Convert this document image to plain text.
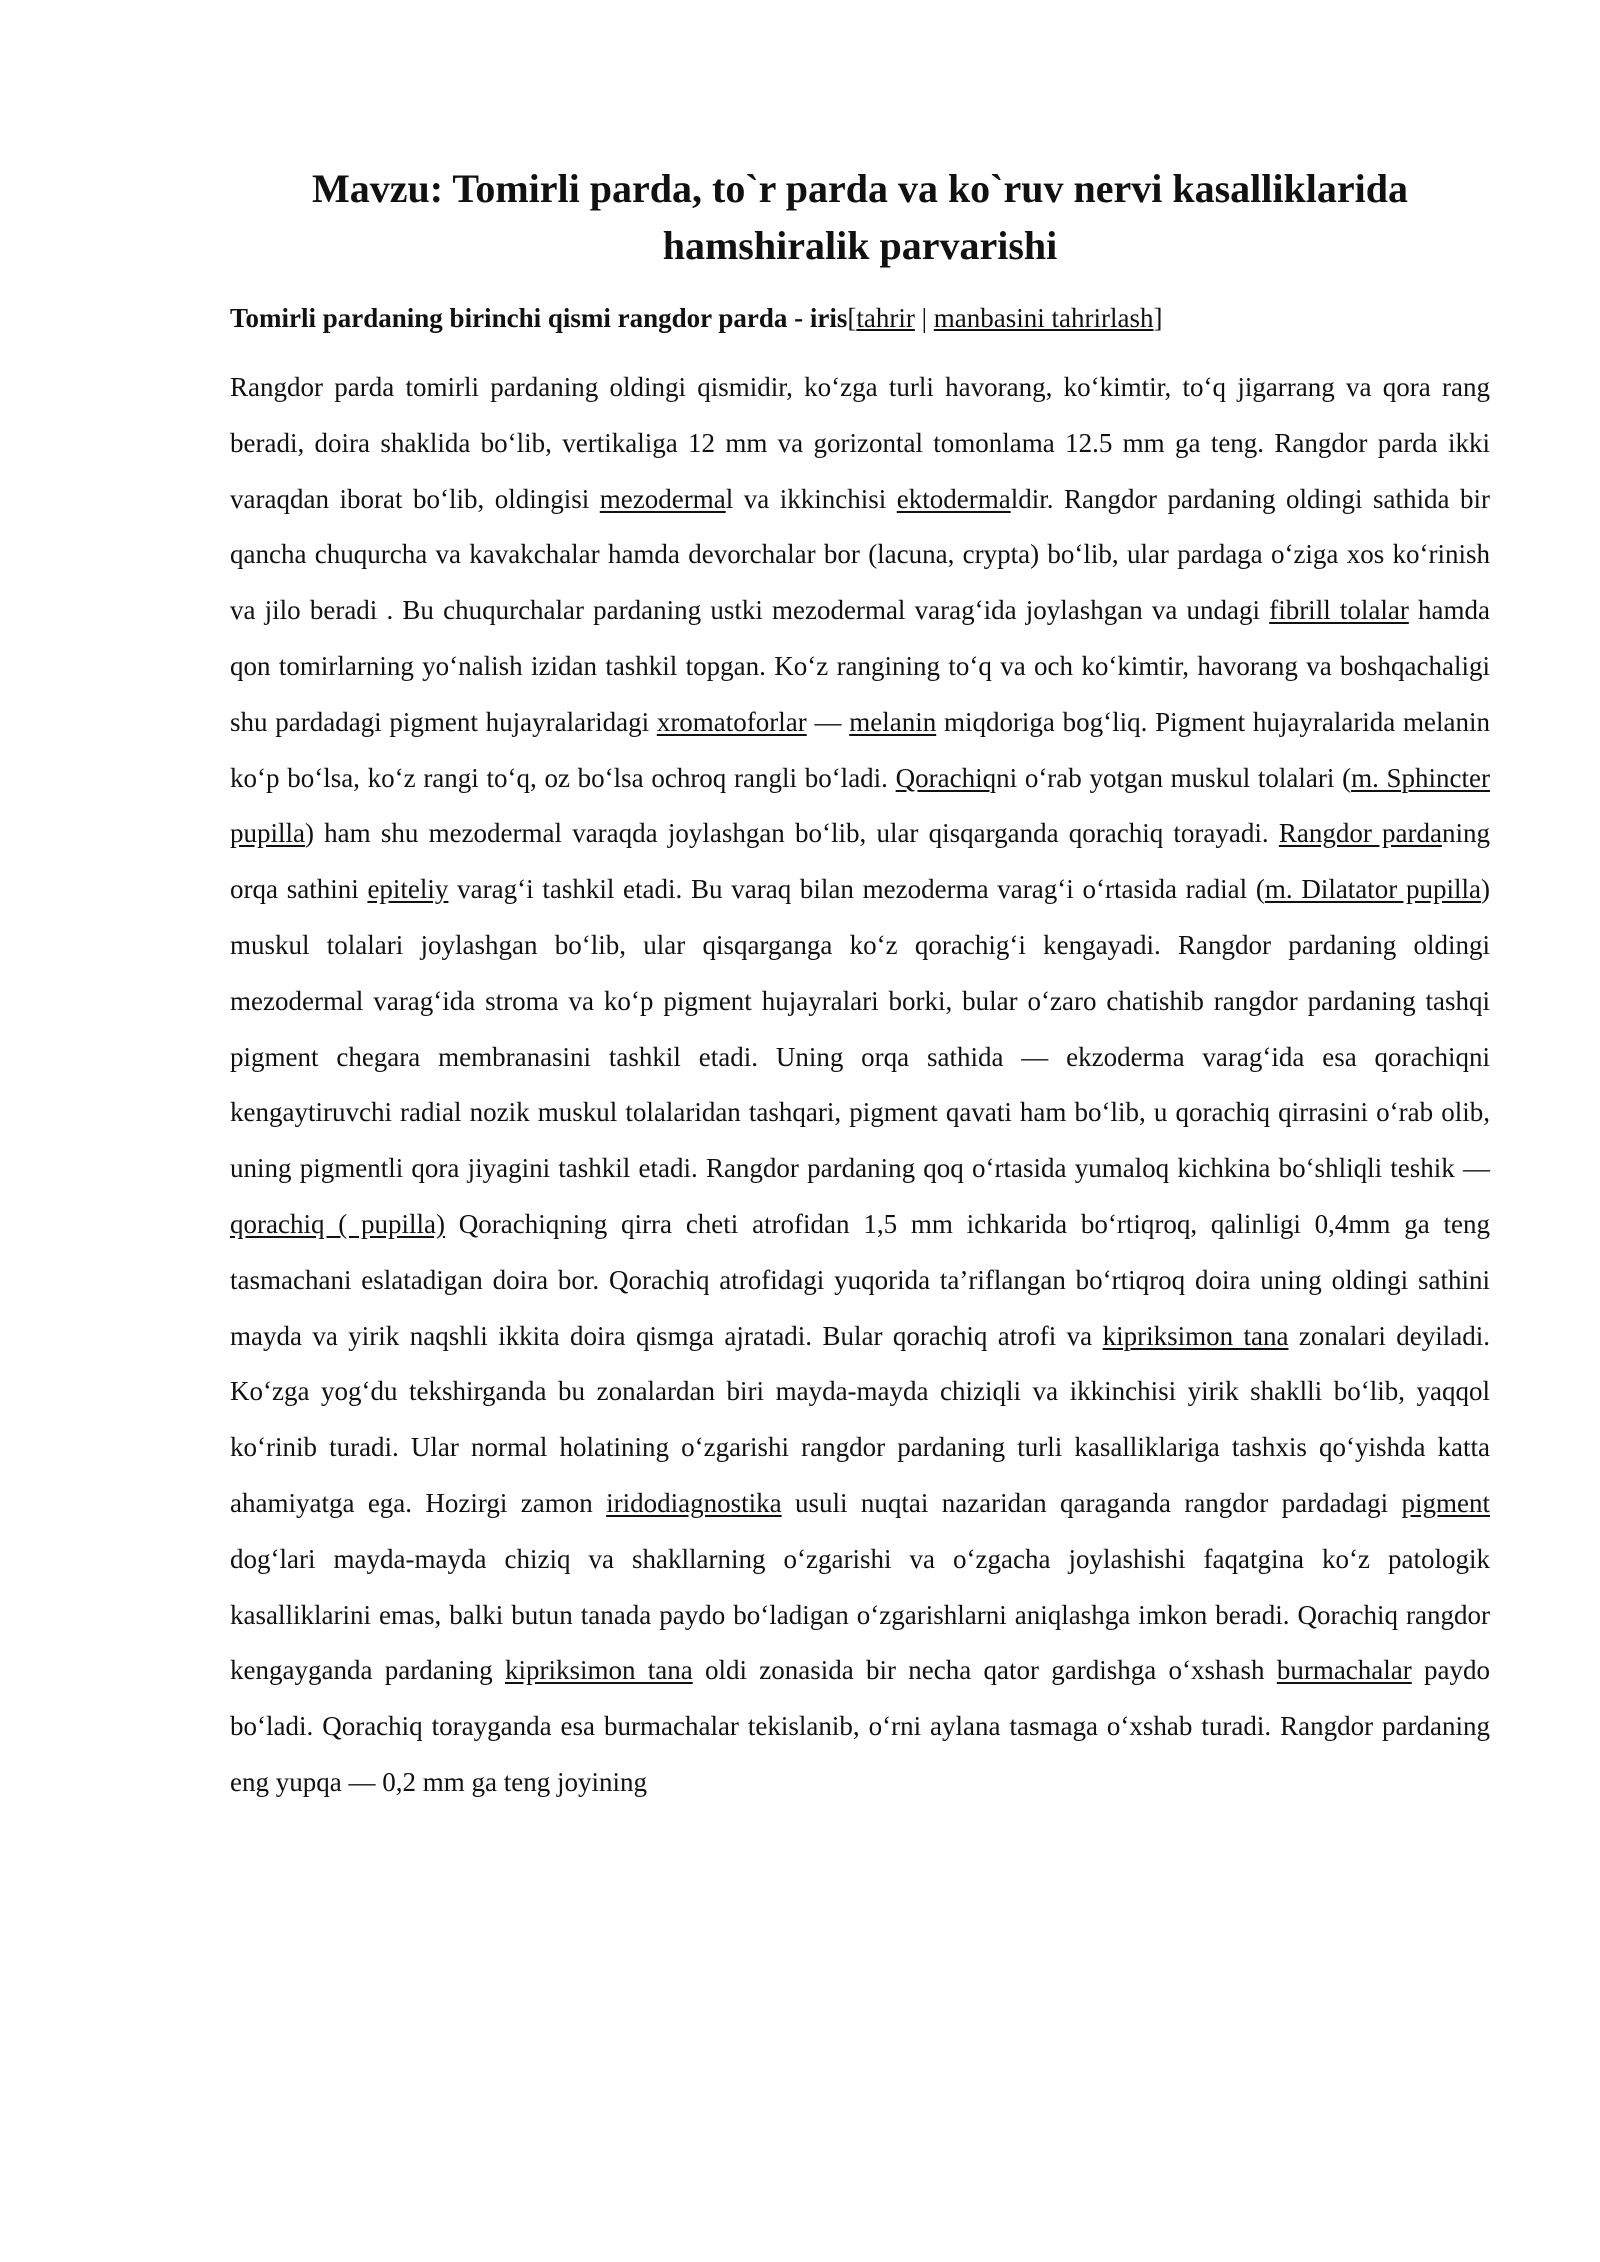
Mavzu: Tomirli parda, to`r parda va ko`ruv nervi kasalliklarida
hamshiralik parvarishi

Tomirli pardaning birinchi qismi rangdor parda - iris[tahrir | manbasini tahrirlash]

Rangdor parda tomirli pardaning oldingi qismidir, ko‘zga turli havorang, ko‘kimtir, to‘q jigarrang va qora rang beradi, doira shaklida bo‘lib, vertikaliga 12 mm va gorizontal tomonlama 12.5 mm ga teng. Rangdor parda ikki varaqdan iborat bo‘lib, oldingisi mezodermal va ikkinchisi ektodermaldir. Rangdor pardaning oldingi sathida bir qancha chuqurcha va kavakchalar hamda devorchalar bor (lacuna, crypta) bo‘lib, ular pardaga o‘ziga xos ko‘rinish va jilo beradi . Bu chuqurchalar pardaning ustki mezodermal varag‘ida joylashgan va undagi fibrill tolalar hamda qon tomirlarning yo‘nalish izidan tashkil topgan. Ko‘z rangining to‘q va och ko‘kimtir, havorang va boshqachaligi shu pardadagi pigment hujayralaridagi xromatoforlar — melanin miqdoriga bog‘liq. Pigment hujayralarida melanin ko‘p bo‘lsa, ko‘z rangi to‘q, oz bo‘lsa ochroq rangli bo‘ladi. Qorachiqni o‘rab yotgan muskul tolalari (m. Sphincter pupilla) ham shu mezodermal varaqda joylashgan bo‘lib, ular qisqarganda qorachiq torayadi. Rangdor pardaning orqa sathini epiteliy varag‘i tashkil etadi. Bu varaq bilan mezoderma varag‘i o‘rtasida radial (m. Dilatator pupilla) muskul tolalari joylashgan bo‘lib, ular qisqarganga ko‘z qorachig‘i kengayadi. Rangdor pardaning oldingi mezodermal varag‘ida stroma va ko‘p pigment hujayralari borki, bular o‘zaro chatishib rangdor pardaning tashqi pigment chegara membranasini tashkil etadi. Uning orqa sathida — ekzoderma varag‘ida esa qorachiqni kengaytiruvchi radial nozik muskul tolalaridan tashqari, pigment qavati ham bo‘lib, u qorachiq qirrasini o‘rab olib, uning pigmentli qora jiyagini tashkil etadi. Rangdor pardaning qoq o‘rtasida yumaloq kichkina bo‘shliqli teshik — qorachiq ( pupilla) Qorachiqning qirra cheti atrofidan 1,5 mm ichkarida bo‘rtiqroq, qalinligi 0,4mm ga teng tasmachani eslatadigan doira bor. Qorachiq atrofidagi yuqorida ta’riflangan bo‘rtiqroq doira uning oldingi sathini mayda va yirik naqshli ikkita doira qismga ajratadi. Bular qorachiq atrofi va kipriksimon tana zonalari deyiladi. Ko‘zga yog‘du tekshirganda bu zonalardan biri mayda-mayda chiziqli va ikkinchisi yirik shaklli bo‘lib, yaqqol ko‘rinib turadi. Ular normal holatining o‘zgarishi rangdor pardaning turli kasalliklariga tashxis qo‘yishda katta ahamiyatga ega. Hozirgi zamon iridodiagnostika usuli nuqtai nazaridan qaraganda rangdor pardadagi pigment dog‘lari mayda-mayda chiziq va shakllarning o‘zgarishi va o‘zgacha joylashishi faqatgina ko‘z patologik kasalliklarini emas, balki butun tanada paydo bo‘ladigan o‘zgarishlarni aniqlashga imkon beradi. Qorachiq rangdor kengayganda pardaning kipriksimon tana oldi zonasida bir necha qator gardishga o‘xshash burmachalar paydo bo‘ladi. Qorachiq torayganda esa burmachalar tekislanib, o‘rni aylana tasmaga o‘xshab turadi. Rangdor pardaning eng yupqa — 0,2 mm ga teng joyining
